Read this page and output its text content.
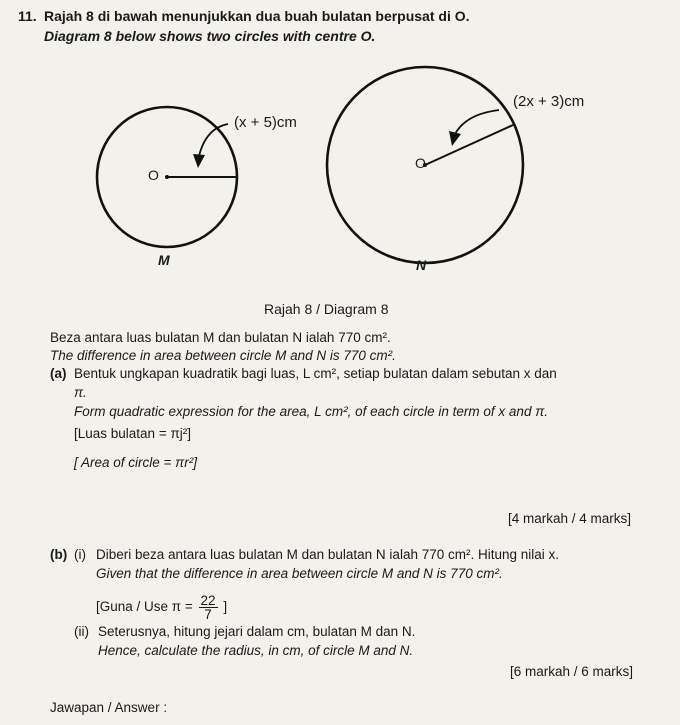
11. Rajah 8 di bawah menunjukkan dua buah bulatan berpusat di O.
Diagram 8 below shows two circles with centre O.
(x + 5)cm
O
M
(2x + 3)cm
O
N
Rajah 8 / Diagram 8
Beza antara luas bulatan M dan bulatan N ialah 770 cm².
The difference in area between circle M and N is 770 cm².
(a) Bentuk ungkapan kuadratik bagi luas, L cm², setiap bulatan dalam sebutan x dan
π.
Form quadratic expression for the area, L cm², of each circle in term of x and π.
[Luas bulatan = πj²]
[ Area of circle = πr²]
[4 markah / 4 marks]
(b) (i) Diberi beza antara luas bulatan M dan bulatan N ialah 770 cm². Hitung nilai x.
Given that the difference in area between circle M and N is 770 cm².
[Guna / Use $\pi = \frac{22}{7}$ ]
(ii) Seterusnya, hitung jejari dalam cm, bulatan M dan N.
Hence, calculate the radius, in cm, of circle M and N.
[6 markah / 6 marks]
Jawapan / Answer :
